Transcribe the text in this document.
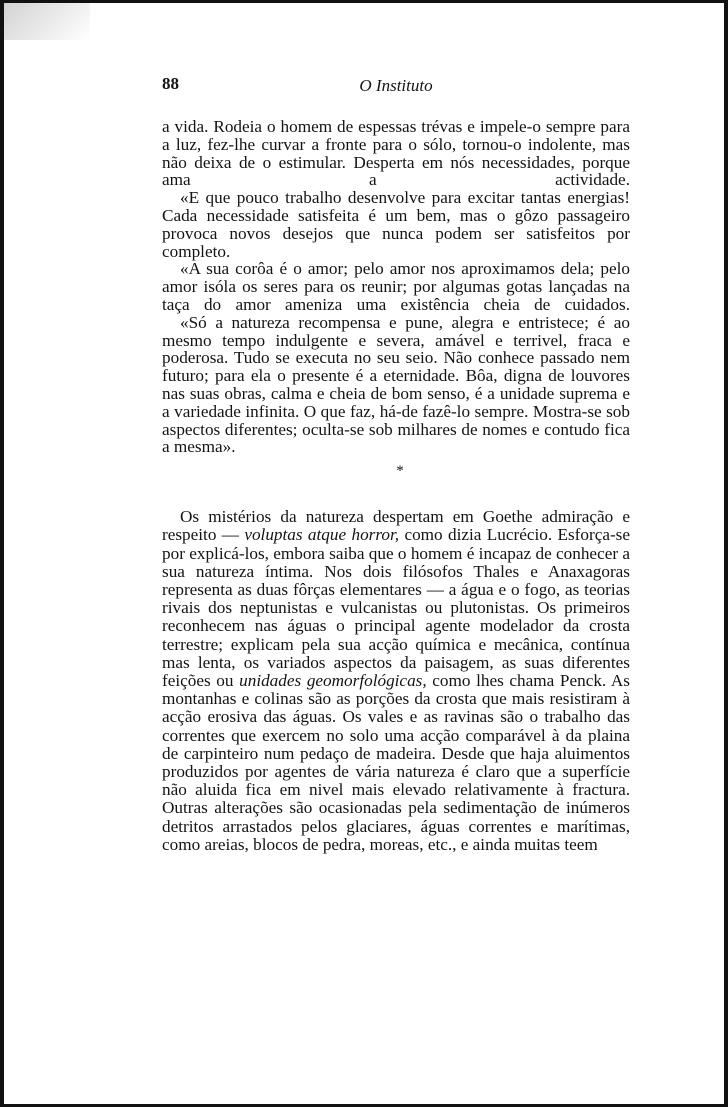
88	O Instituto

a vida. Rodeia o homem de espessas trévas e impele-o sempre para a luz, fez-lhe curvar a fronte para o sólo, tornou-o indolente, mas não deixa de o estimular. Desperta em nós necessidades, porque ama a actividade.

«E que pouco trabalho desenvolve para excitar tantas energias! Cada necessidade satisfeita é um bem, mas o gôzo passageiro provoca novos desejos que nunca podem ser satisfeitos por completo.

«A sua corôa é o amor; pelo amor nos aproximamos dela; pelo amor isóla os seres para os reunir; por algumas gotas lançadas na taça do amor ameniza uma existência cheia de cuidados.

«Só a natureza recompensa e pune, alegra e entristece; é ao mesmo tempo indulgente e severa, amável e terrivel, fraca e poderosa. Tudo se executa no seu seio. Não conhece passado nem futuro; para ela o presente é a eternidade. Bôa, digna de louvores nas suas obras, calma e cheia de bom senso, é a unidade suprema e a variedade infinita. O que faz, há-de fazê-lo sempre. Mostra-se sob aspectos diferentes; oculta-se sob milhares de nomes e contudo fica a mesma».

*

Os mistérios da natureza despertam em Goethe admiração e respeito — voluptas atque horror, como dizia Lucrécio. Esforça-se por explicá-los, embora saiba que o homem é incapaz de conhecer a sua natureza íntima. Nos dois filósofos Thales e Anaxagoras representa as duas fôrças elementares — a água e o fogo, as teorias rivais dos neptunistas e vulcanistas ou plutonistas. Os primeiros reconhecem nas águas o principal agente modelador da crosta terrestre; explicam pela sua acção química e mecânica, contínua mas lenta, os variados aspectos da paisagem, as suas diferentes feições ou unidades geomorfológicas, como lhes chama Penck. As montanhas e colinas são as porções da crosta que mais resistiram à acção erosiva das águas. Os vales e as ravinas são o trabalho das correntes que exercem no solo uma acção comparável à da plaina de carpinteiro num pedaço de madeira. Desde que haja aluimentos produzidos por agentes de vária natureza é claro que a superfície não aluida fica em nivel mais elevado relativamente à fractura. Outras alterações são ocasionadas pela sedimentação de inúmeros detritos arrastados pelos glaciares, águas correntes e marítimas, como areias, blocos de pedra, moreas, etc., e ainda muitas teem
